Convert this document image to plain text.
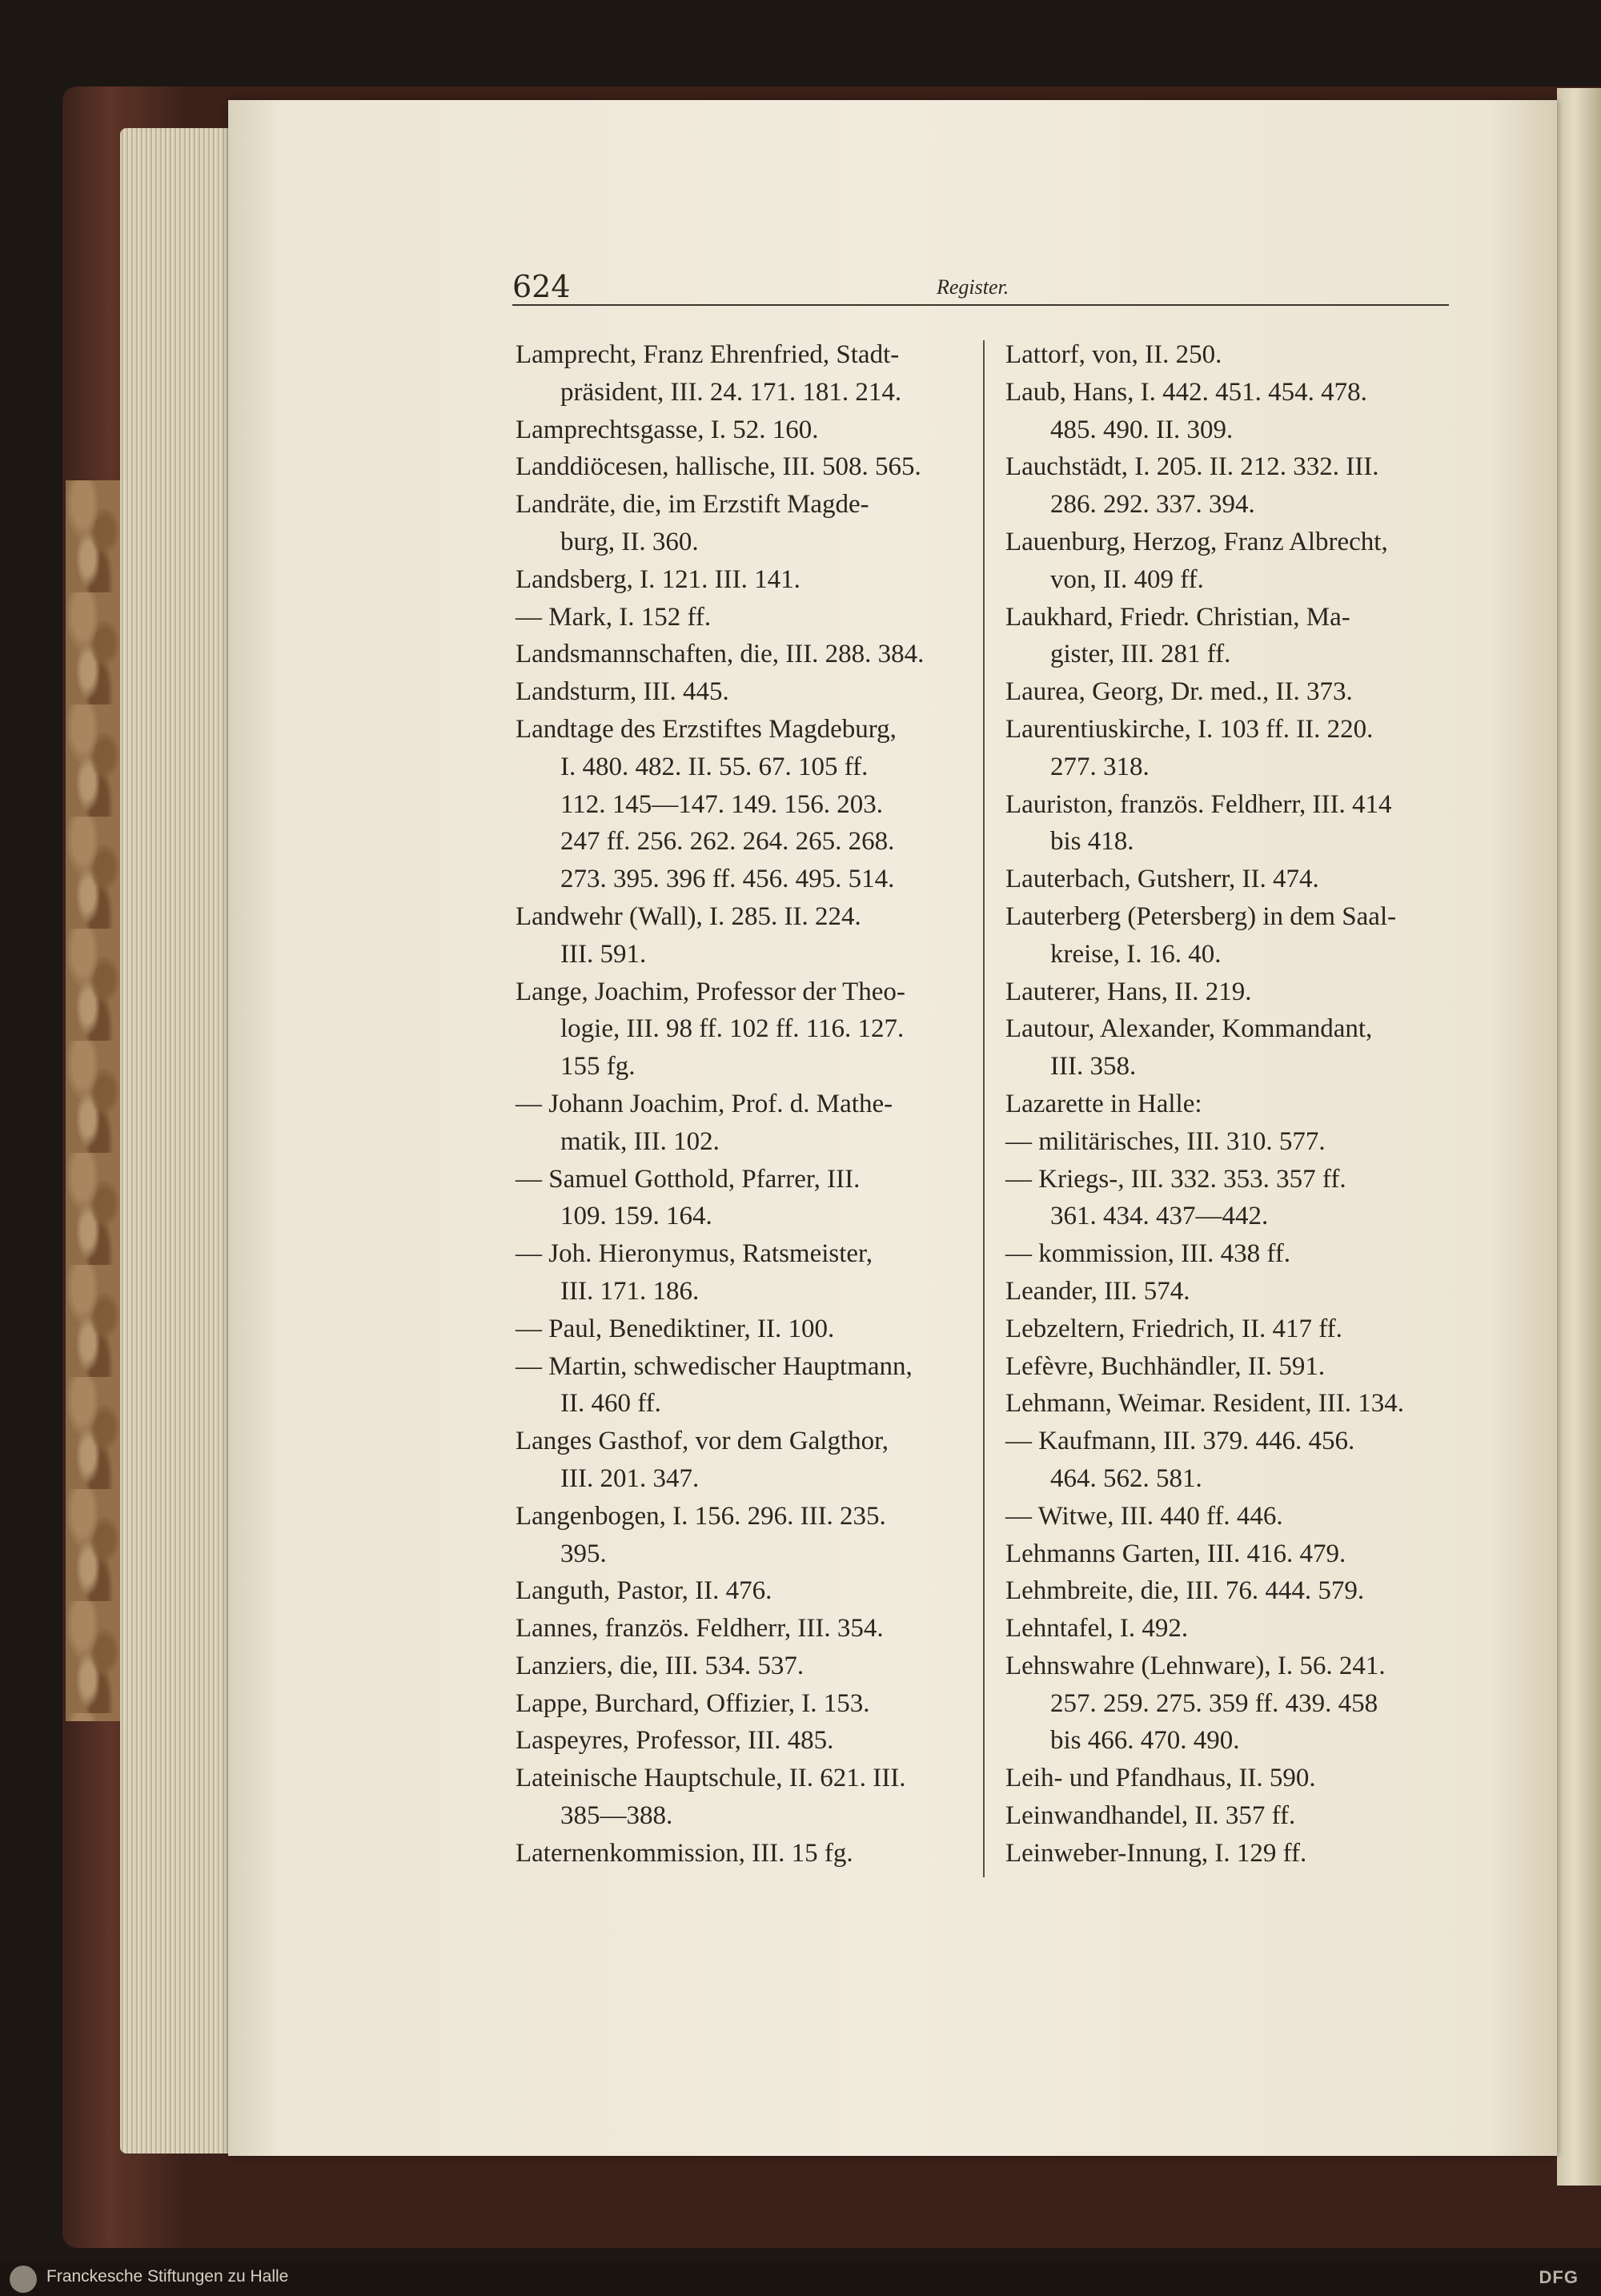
624	Register.
Lamprecht, Franz Ehrenfried, Stadt-
präsident, III. 24. 171. 181. 214.
Lamprechtsgasse, I. 52. 160.
Landdiöcesen, hallische, III. 508. 565.
Landräte, die, im Erzstift Magde-
burg, II. 360.
Landsberg, I. 121. III. 141.
— Mark, I. 152 ff.
Landsmannschaften, die, III. 288. 384.
Landsturm, III. 445.
Landtage des Erzstiftes Magdeburg,
I. 480. 482. II. 55. 67. 105 ff.
112. 145—147. 149. 156. 203.
247 ff. 256. 262. 264. 265. 268.
273. 395. 396 ff. 456. 495. 514.
Landwehr (Wall), I. 285. II. 224.
III. 591.
Lange, Joachim, Professor der Theo-
logie, III. 98 ff. 102 ff. 116. 127.
155 fg.
— Johann Joachim, Prof. d. Mathe-
matik, III. 102.
— Samuel Gotthold, Pfarrer, III.
109. 159. 164.
— Joh. Hieronymus, Ratsmeister,
III. 171. 186.
— Paul, Benediktiner, II. 100.
— Martin, schwedischer Hauptmann,
II. 460 ff.
Langes Gasthof, vor dem Galgthor,
III. 201. 347.
Langenbogen, I. 156. 296. III. 235.
395.
Languth, Pastor, II. 476.
Lannes, französ. Feldherr, III. 354.
Lanziers, die, III. 534. 537.
Lappe, Burchard, Offizier, I. 153.
Laspeyres, Professor, III. 485.
Lateinische Hauptschule, II. 621. III.
385—388.
Laternenkommission, III. 15 fg.
Lattorf, von, II. 250.
Laub, Hans, I. 442. 451. 454. 478.
485. 490. II. 309.
Lauchstädt, I. 205. II. 212. 332. III.
286. 292. 337. 394.
Lauenburg, Herzog, Franz Albrecht,
von, II. 409 ff.
Laukhard, Friedr. Christian, Ma-
gister, III. 281 ff.
Laurea, Georg, Dr. med., II. 373.
Laurentiuskirche, I. 103 ff. II. 220.
277. 318.
Lauriston, französ. Feldherr, III. 414
bis 418.
Lauterbach, Gutsherr, II. 474.
Lauterberg (Petersberg) in dem Saal-
kreise, I. 16. 40.
Lauterer, Hans, II. 219.
Lautour, Alexander, Kommandant,
III. 358.
Lazarette in Halle:
— militärisches, III. 310. 577.
— Kriegs-, III. 332. 353. 357 ff.
361. 434. 437—442.
— kommission, III. 438 ff.
Leander, III. 574.
Lebzeltern, Friedrich, II. 417 ff.
Lefèvre, Buchhändler, II. 591.
Lehmann, Weimar. Resident, III. 134.
— Kaufmann, III. 379. 446. 456.
464. 562. 581.
— Witwe, III. 440 ff. 446.
Lehmanns Garten, III. 416. 479.
Lehmbreite, die, III. 76. 444. 579.
Lehntafel, I. 492.
Lehnswahre (Lehnware), I. 56. 241.
257. 259. 275. 359 ff. 439. 458
bis 466. 470. 490.
Leih- und Pfandhaus, II. 590.
Leinwandhandel, II. 357 ff.
Leinweber-Innung, I. 129 ff.
Franckesche Stiftungen zu Halle	DFG
